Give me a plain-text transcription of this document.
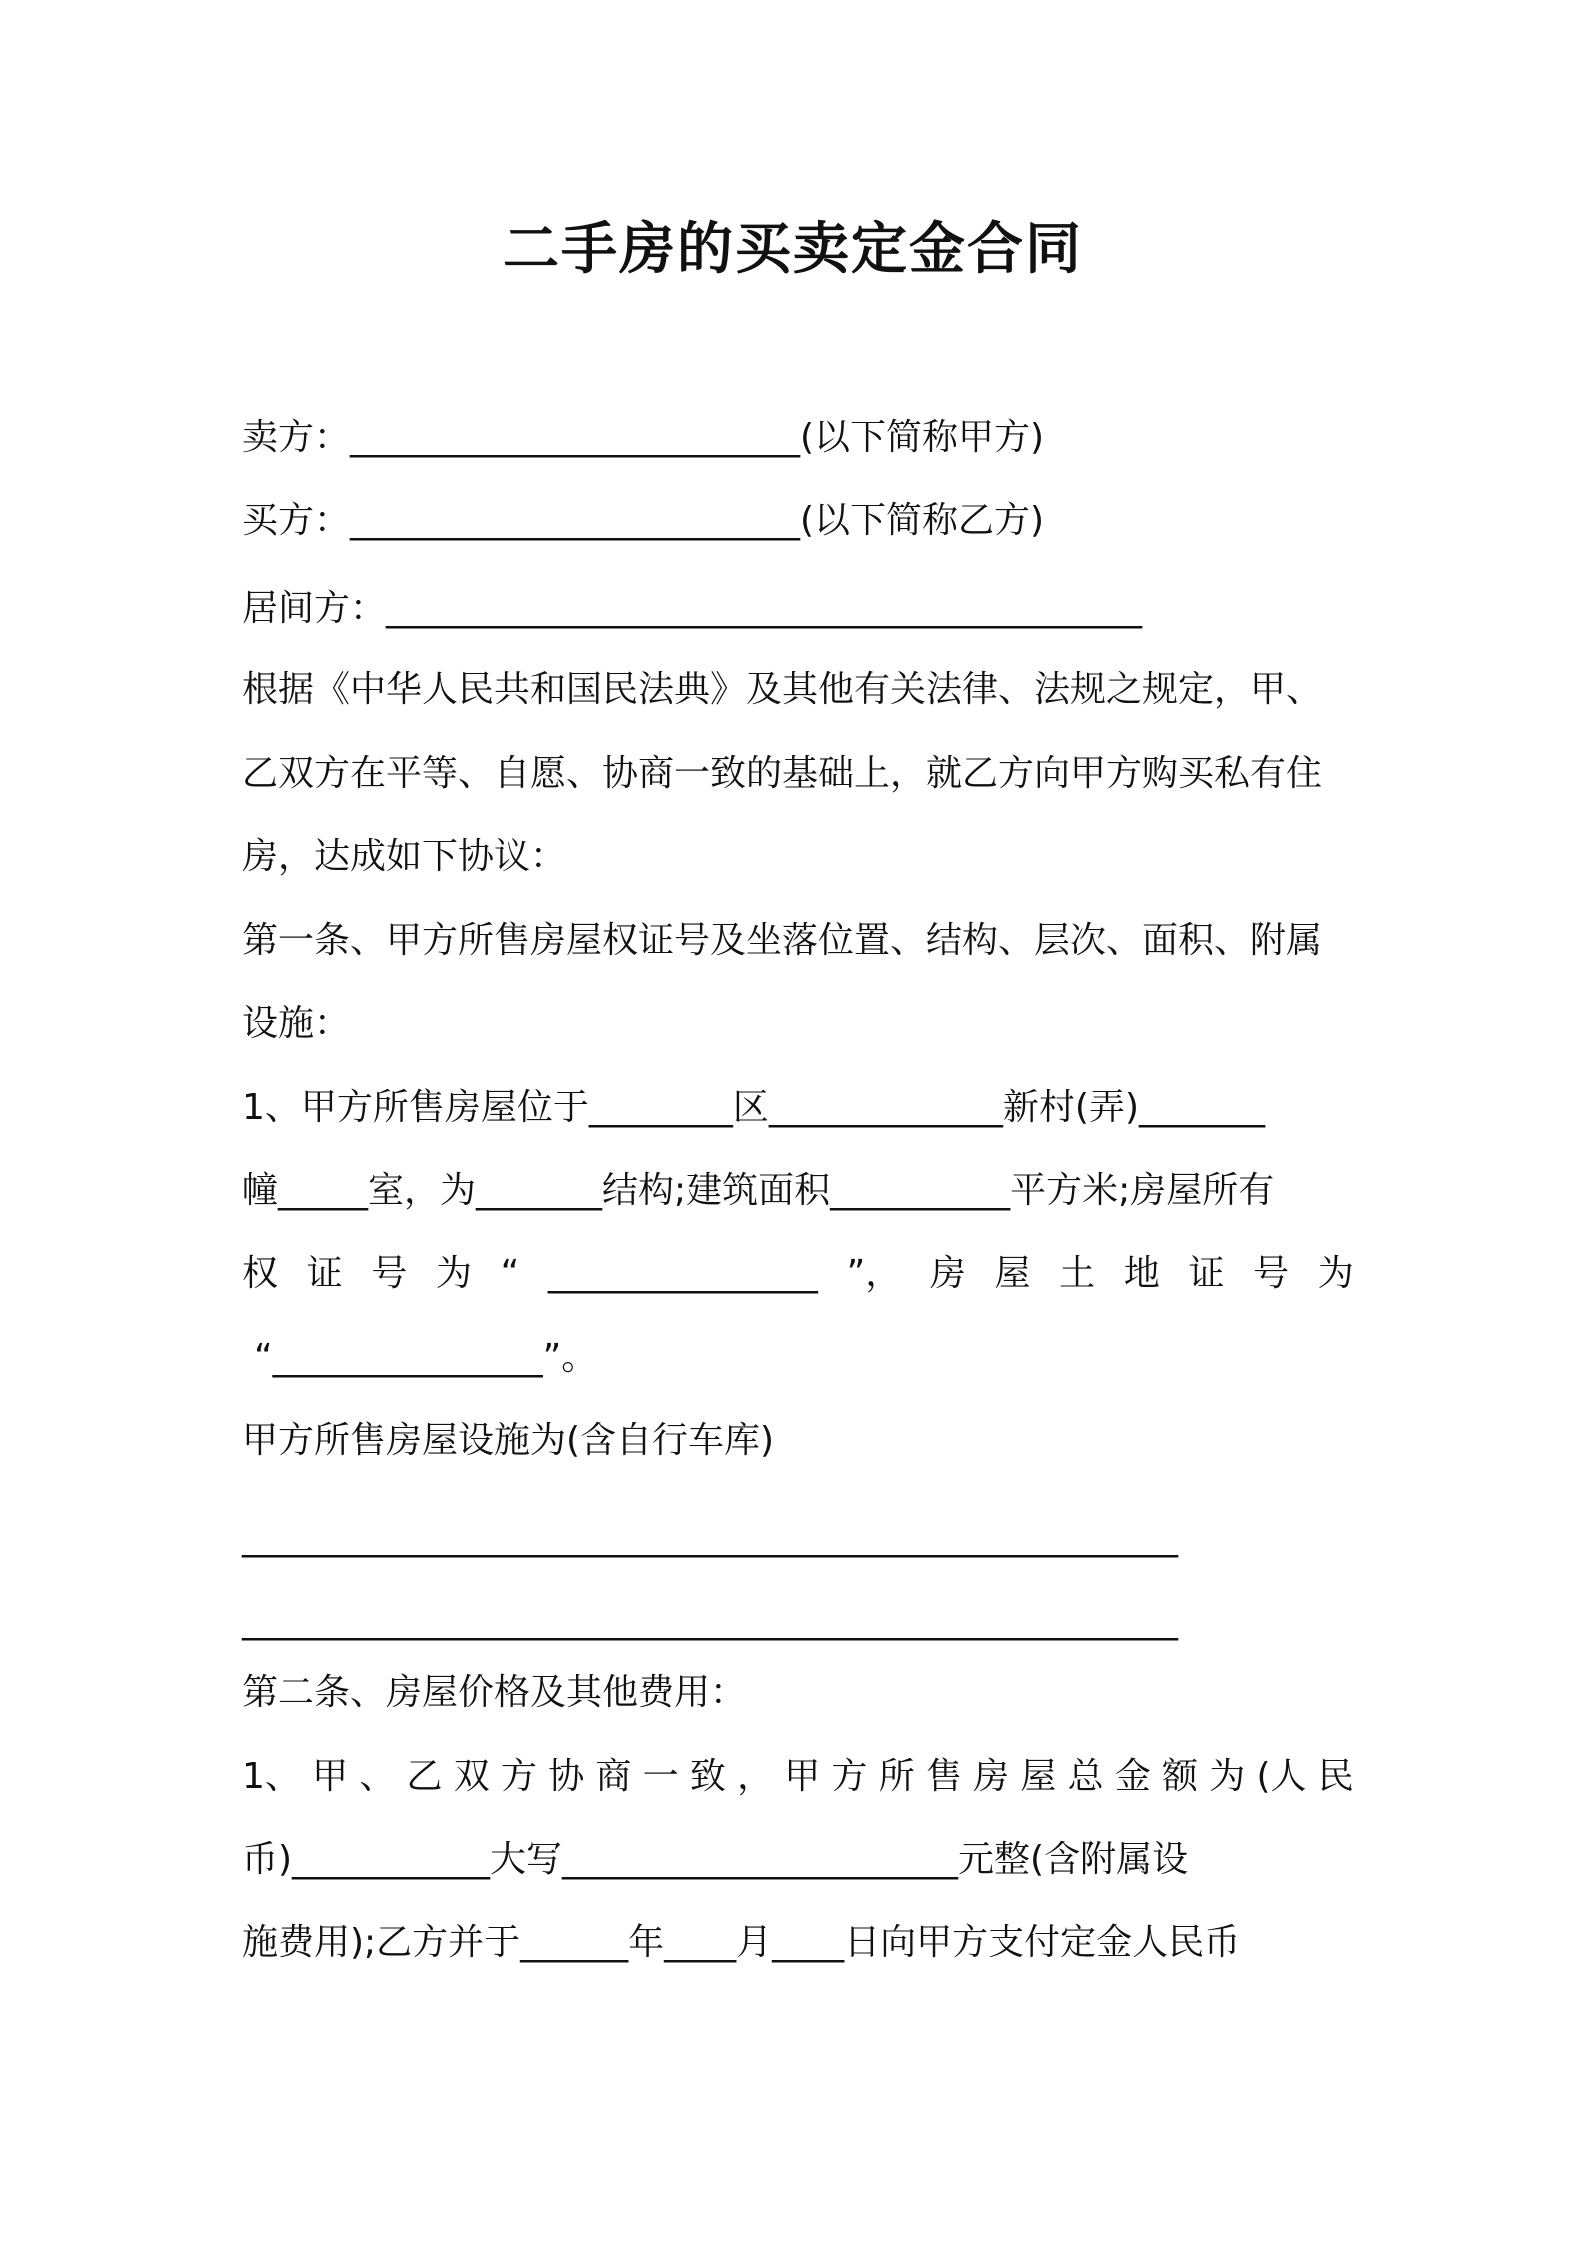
二手房的买卖定金合同
卖方：_________________________(以下简称甲方)
买方：_________________________(以下简称乙方)
居间方：__________________________________________
根据《中华人民共和国民法典》及其他有关法律、法规之规定，甲、
乙双方在平等、自愿、协商一致的基础上，就乙方向甲方购买私有住
房，达成如下协议：
第一条、甲方所售房屋权证号及坐落位置、结构、层次、面积、附属
设施：
1、甲方所售房屋位于________区_____________新村(弄)_______
幢_____室，为_______结构;建筑面积__________平方米;房屋所有
权 证 号 为 “ _______________ ”， 房 屋 土 地 证 号 为
“_______________”。
甲方所售房屋设施为(含自行车库)
____________________________________________________
____________________________________________________
第二条、房屋价格及其他费用：
1、 甲 、 乙 双 方 协 商 一 致 ， 甲 方 所 售 房 屋 总 金 额 为 (人 民
币)___________大写______________________元整(含附属设
施费用);乙方并于______年____月____日向甲方支付定金人民币
